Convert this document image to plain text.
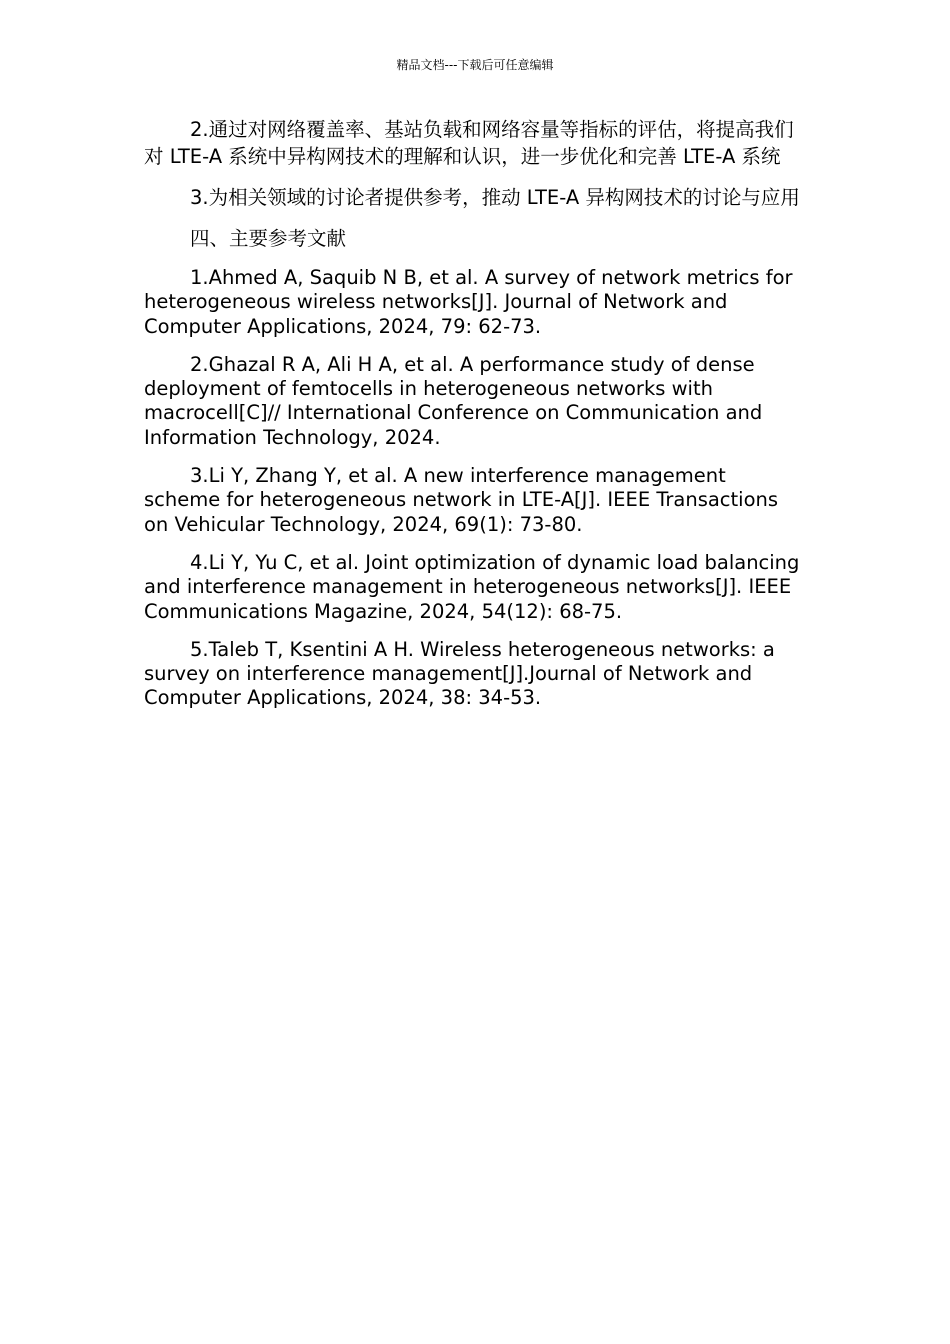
精品文档---下载后可任意编辑

2.通过对网络覆盖率、基站负载和网络容量等指标的评估，将提高我们对 LTE-A 系统中异构网技术的理解和认识，进一步优化和完善 LTE-A 系统

3.为相关领域的讨论者提供参考，推动 LTE-A 异构网技术的讨论与应用

四、主要参考文献

1.Ahmed A, Saquib N B, et al. A survey of network metrics for heterogeneous wireless networks[J]. Journal of Network and Computer Applications, 2024, 79: 62-73.

2.Ghazal R A, Ali H A, et al. A performance study of dense deployment of femtocells in heterogeneous networks with macrocell[C]// International Conference on Communication and Information Technology, 2024.

3.Li Y, Zhang Y, et al. A new interference management scheme for heterogeneous network in LTE-A[J]. IEEE Transactions on Vehicular Technology, 2024, 69(1): 73-80.

4.Li Y, Yu C, et al. Joint optimization of dynamic load balancing and interference management in heterogeneous networks[J]. IEEE Communications Magazine, 2024, 54(12): 68-75.

5.Taleb T, Ksentini A H. Wireless heterogeneous networks: a survey on interference management[J].Journal of Network and Computer Applications, 2024, 38: 34-53.
